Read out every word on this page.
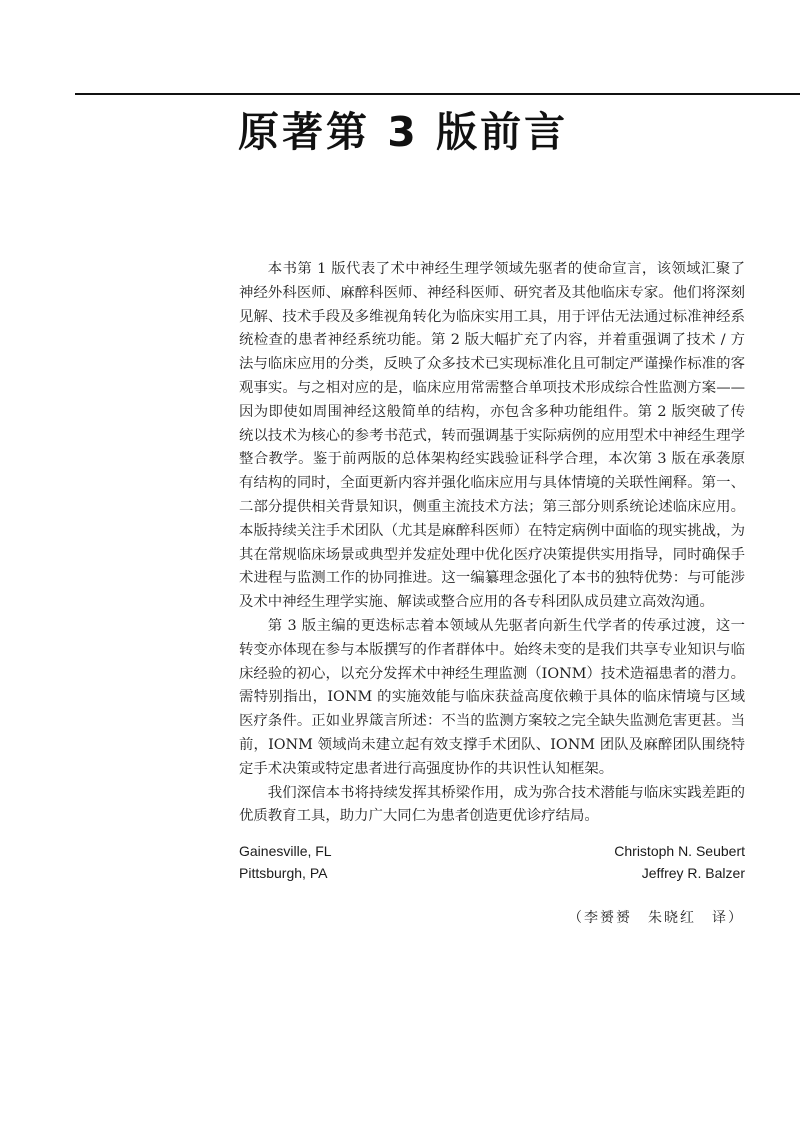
原著第 3 版前言

本书第 1 版代表了术中神经生理学领域先驱者的使命宣言，该领域汇聚了神经外科医师、麻醉科医师、神经科医师、研究者及其他临床专家。他们将深刻见解、技术手段及多维视角转化为临床实用工具，用于评估无法通过标准神经系统检查的患者神经系统功能。第 2 版大幅扩充了内容，并着重强调了技术 / 方法与临床应用的分类，反映了众多技术已实现标准化且可制定严谨操作标准的客观事实。与之相对应的是，临床应用常需整合单项技术形成综合性监测方案——因为即使如周围神经这般简单的结构，亦包含多种功能组件。第 2 版突破了传统以技术为核心的参考书范式，转而强调基于实际病例的应用型术中神经生理学整合教学。鉴于前两版的总体架构经实践验证科学合理，本次第 3 版在承袭原有结构的同时，全面更新内容并强化临床应用与具体情境的关联性阐释。第一、二部分提供相关背景知识，侧重主流技术方法；第三部分则系统论述临床应用。本版持续关注手术团队（尤其是麻醉科医师）在特定病例中面临的现实挑战，为其在常规临床场景或典型并发症处理中优化医疗决策提供实用指导，同时确保手术进程与监测工作的协同推进。这一编纂理念强化了本书的独特优势：与可能涉及术中神经生理学实施、解读或整合应用的各专科团队成员建立高效沟通。

第 3 版主编的更迭标志着本领域从先驱者向新生代学者的传承过渡，这一转变亦体现在参与本版撰写的作者群体中。始终未变的是我们共享专业知识与临床经验的初心，以充分发挥术中神经生理监测（IONM）技术造福患者的潜力。需特别指出，IONM 的实施效能与临床获益高度依赖于具体的临床情境与区域医疗条件。正如业界箴言所述：不当的监测方案较之完全缺失监测危害更甚。当前，IONM 领域尚未建立起有效支撑手术团队、IONM 团队及麻醉团队围绕特定手术决策或特定患者进行高强度协作的共识性认知框架。

我们深信本书将持续发挥其桥梁作用，成为弥合技术潜能与临床实践差距的优质教育工具，助力广大同仁为患者创造更优诊疗结局。

Gainesville, FL	Christoph N. Seubert
Pittsburgh, PA	Jeffrey R. Balzer
（李赟赟　朱晓红　译）
